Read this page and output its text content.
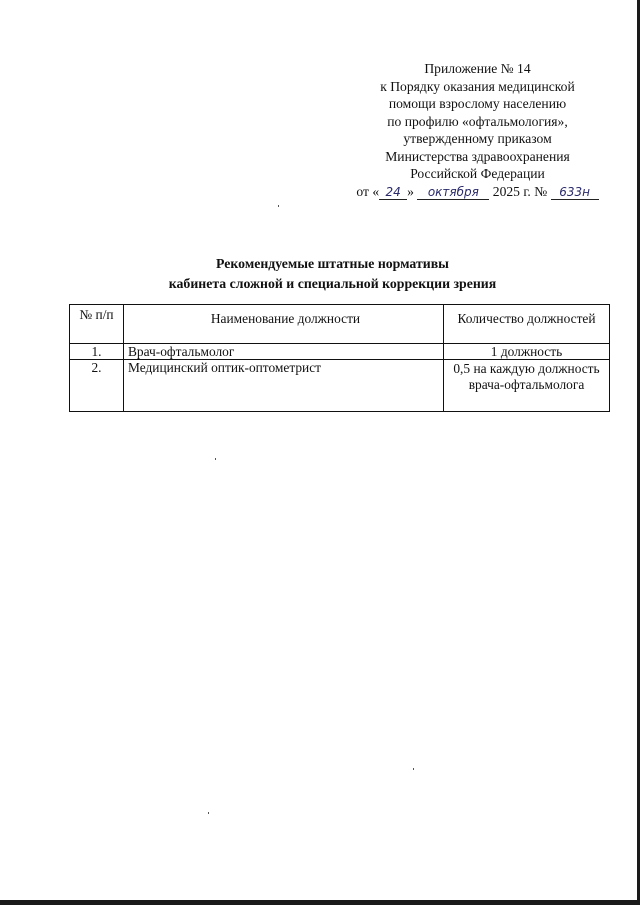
Приложение № 14
к Порядку оказания медицинской
помощи взрослому населению
по профилю «офтальмология»,
утвержденному приказом
Министерства здравоохранения
Российской Федерации
от « 24 » октября 2025 г. № 633н
Рекомендуемые штатные нормативы
кабинета сложной и специальной коррекции зрения
№ п/п	Наименование должности	Количество должностей
1.	Врач-офтальмолог	1 должность
2.	Медицинский оптик-оптометрист	0,5 на каждую должность врача-офтальмолога
